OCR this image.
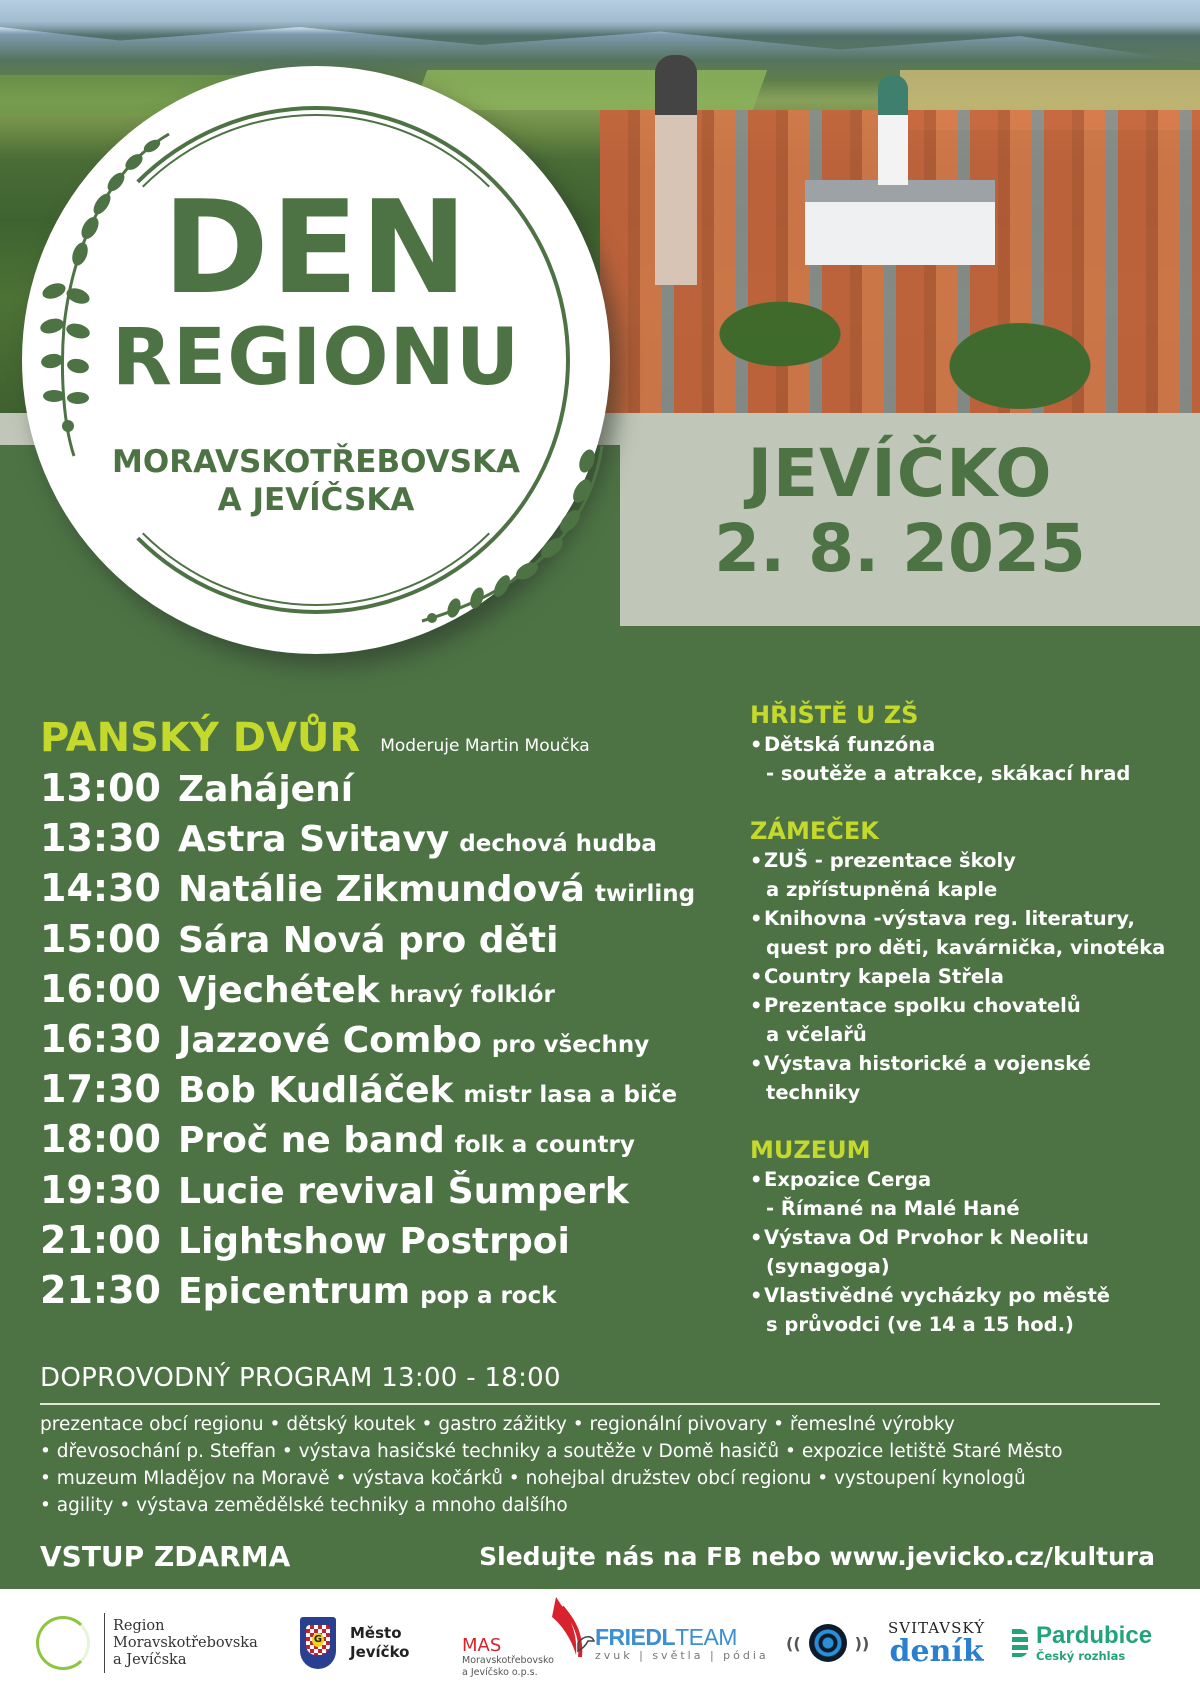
JEVÍČKO
2. 8. 2025
DEN
REGIONU
MORAVSKOTŘEBOVSKA
A JEVÍČSKA
PANSKÝ DVŮR Moderuje Martin Moučka
13:00 Zahájení
13:30 Astra Svitavy dechová hudba
14:30 Natálie Zikmundová twirling
15:00 Sára Nová pro děti
16:00 Vjechétek hravý folklór
16:30 Jazzové Combo pro všechny
17:30 Bob Kudláček mistr lasa a biče
18:00 Proč ne band folk a country
19:30 Lucie revival Šumperk
21:00 Lightshow Postrpoi
21:30 Epicentrum pop a rock
HŘIŠTĚ U ZŠ
•Dětská funzóna
- soutěže a atrakce, skákací hrad
ZÁMEČEK
•ZUŠ - prezentace školy
a zpřístupněná kaple
•Knihovna -výstava reg. literatury,
quest pro děti, kavárnička, vinotéka
•Country kapela Střela
•Prezentace spolku chovatelů
a včelařů
•Výstava historické a vojenské
techniky
MUZEUM
•Expozice Cerga
- Římané na Malé Hané
•Výstava Od Prvohor k Neolitu
(synagoga)
•Vlastivědné vycházky po městě
s průvodci (ve 14 a 15 hod.)
DOPROVODNÝ PROGRAM 13:00 - 18:00
prezentace obcí regionu • dětský koutek • gastro zážitky • regionální pivovary • řemeslné výrobky
• dřevosochání p. Steffan • výstava hasičské techniky a soutěže v Domě hasičů • expozice letiště Staré Město
• muzeum Mladějov na Moravě • výstava kočárků • nohejbal družstev obcí regionu • vystoupení kynologů
• agility • výstava zemědělské techniky a mnoho dalšího
VSTUP ZDARMA	Sledujte nás na FB nebo www.jevicko.cz/kultura
Region
Moravskotřebovska
a Jevíčska
G
Město
Jevíčko	MAS
Moravskotřebovsko
a Jevíčsko o.p.s.
FRIEDLTEAM
zvuk | světla | pódia
((	))
SVITAVSKÝ
deník Pardubice
Český rozhlas
